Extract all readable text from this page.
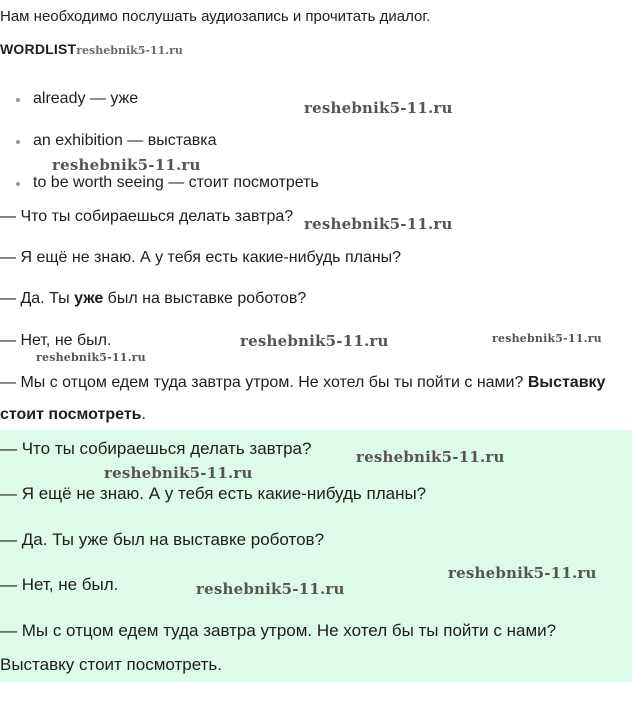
Нам необходимо послушать аудиозапись и прочитать диалог.
WORDLISTreshebnik5-11.ru
already — уже
an exhibition — выставка
to be worth seeing — стоит посмотреть
— Что ты собираешься делать завтра?
— Я ещё не знаю. А у тебя есть какие-нибудь планы?
— Да. Ты уже был на выставке роботов?
— Нет, не был.
— Мы с отцом едем туда завтра утром. Не хотел бы ты пойти с нами? Выставку
стоит посмотреть.
— Что ты собираешься делать завтра?
— Я ещё не знаю. А у тебя есть какие-нибудь планы?
— Да. Ты уже был на выставке роботов?
— Нет, не был.
— Мы с отцом едем туда завтра утром. Не хотел бы ты пойти с нами?
Выставку стоит посмотреть.
reshebnik5-11.ru
reshebnik5-11.ru
reshebnik5-11.ru
reshebnik5-11.ru	reshebnik5-11.ru
reshebnik5-11.ru
reshebnik5-11.ru
reshebnik5-11.ru
reshebnik5-11.ru
reshebnik5-11.ru
